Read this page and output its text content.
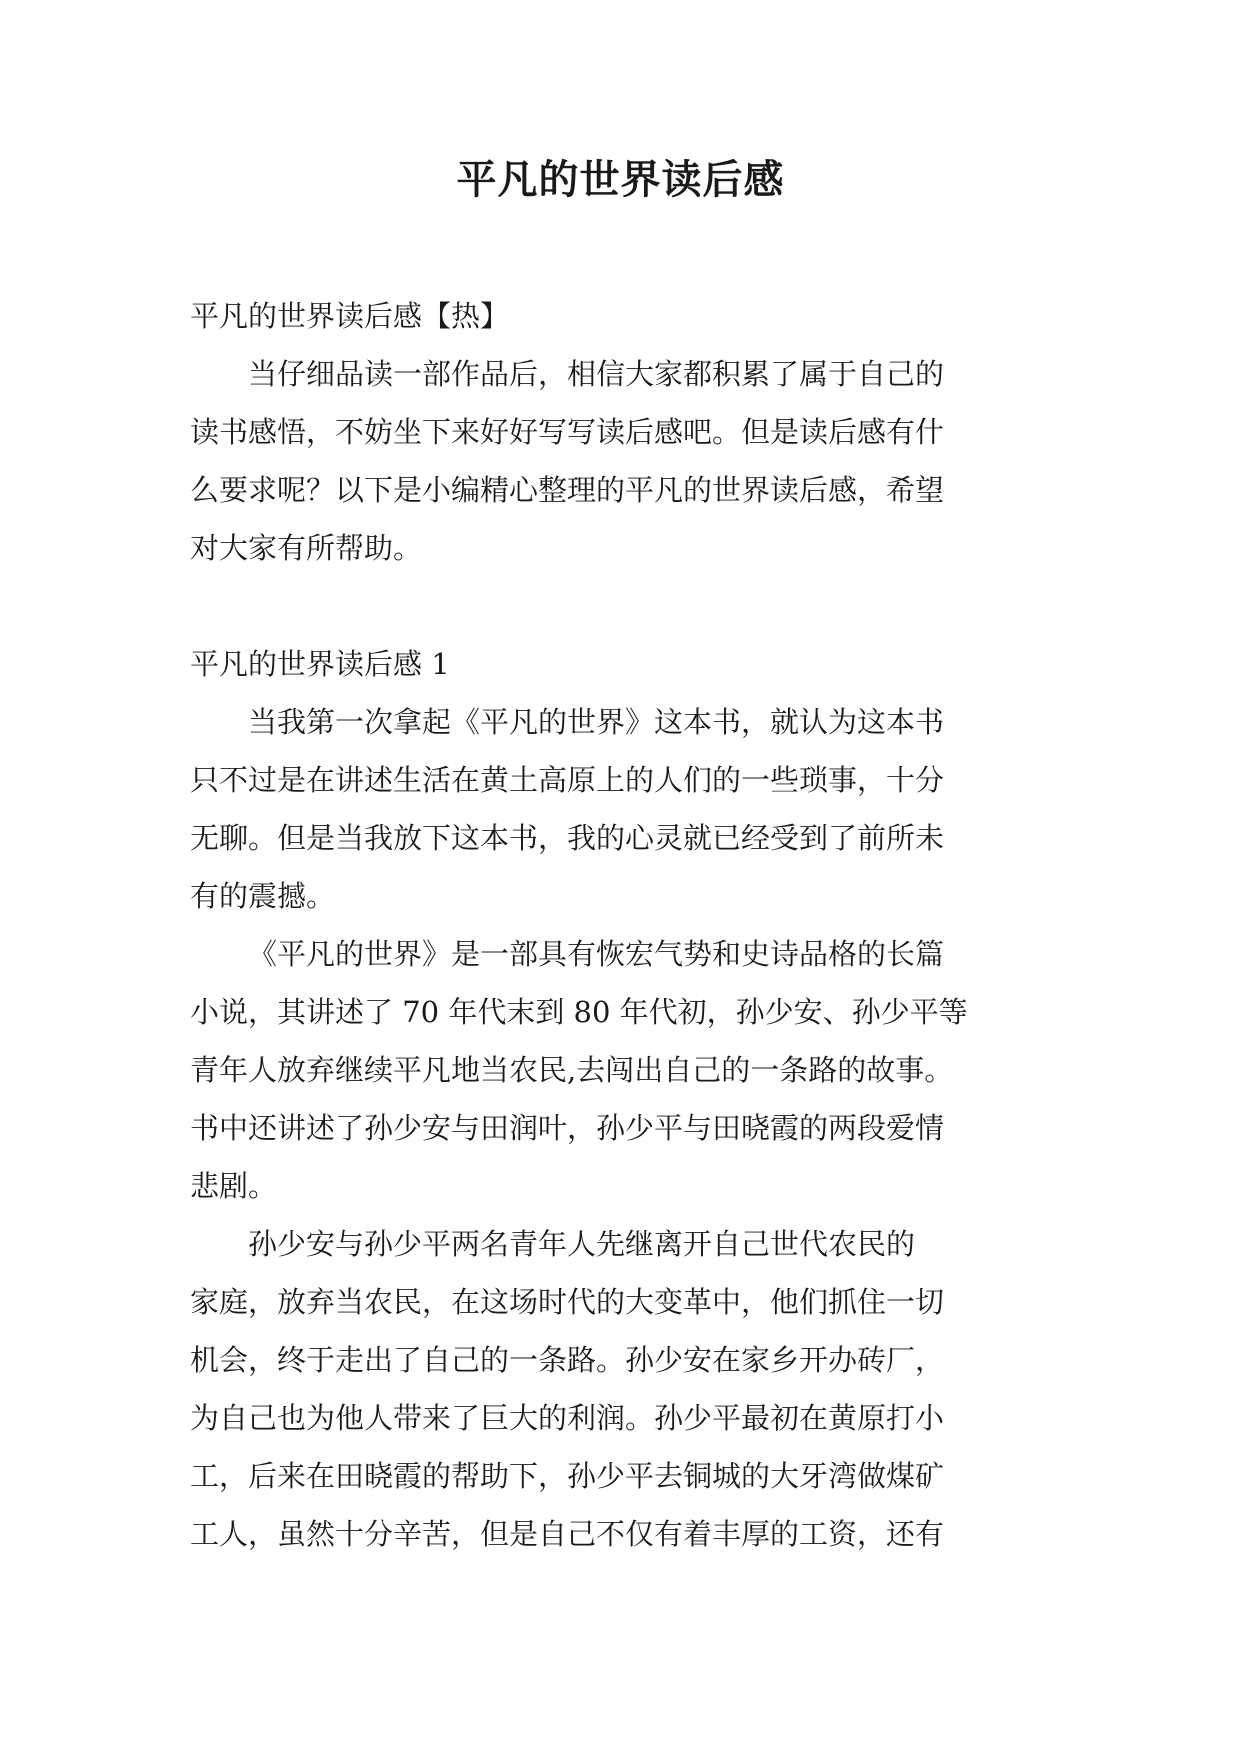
平凡的世界读后感

平凡的世界读后感【热】

当仔细品读一部作品后，相信大家都积累了属于自己的
读书感悟，不妨坐下来好好写写读后感吧。但是读后感有什
么要求呢？以下是小编精心整理的平凡的世界读后感，希望
对大家有所帮助。

平凡的世界读后感 1

当我第一次拿起《平凡的世界》这本书，就认为这本书
只不过是在讲述生活在黄土高原上的人们的一些琐事，十分
无聊。但是当我放下这本书，我的心灵就已经受到了前所未
有的震撼。

《平凡的世界》是一部具有恢宏气势和史诗品格的长篇
小说，其讲述了 70 年代末到 80 年代初，孙少安、孙少平等
青年人放弃继续平凡地当农民,去闯出自己的一条路的故事。
书中还讲述了孙少安与田润叶，孙少平与田晓霞的两段爱情
悲剧。

孙少安与孙少平两名青年人先继离开自己世代农民的
家庭，放弃当农民，在这场时代的大变革中，他们抓住一切
机会，终于走出了自己的一条路。孙少安在家乡开办砖厂，
为自己也为他人带来了巨大的利润。孙少平最初在黄原打小
工，后来在田晓霞的帮助下，孙少平去铜城的大牙湾做煤矿
工人，虽然十分辛苦，但是自己不仅有着丰厚的工资，还有
